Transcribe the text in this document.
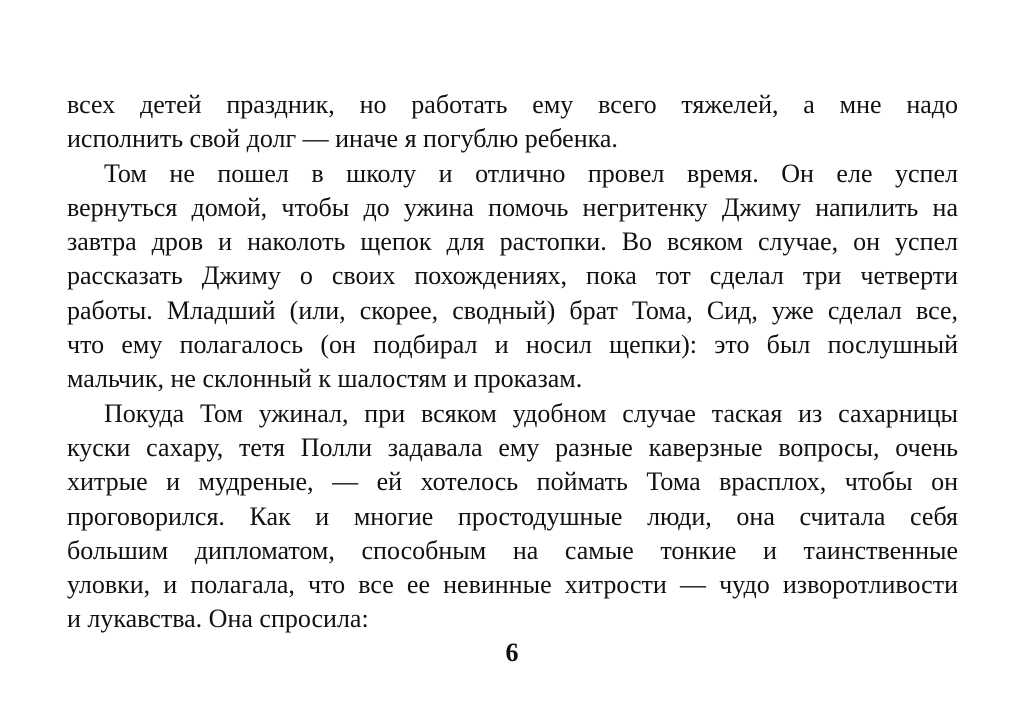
всех детей праздник, но работать ему всего тяжелей, а мне надо
исполнить свой долг — иначе я погублю ребенка.

Том не пошел в школу и отлично провел время. Он еле успел
вернуться домой, чтобы до ужина помочь негритенку Джиму напилить на
завтра дров и наколоть щепок для растопки. Во всяком случае, он успел
рассказать Джиму о своих похождениях, пока тот сделал три четверти
работы. Младший (или, скорее, сводный) брат Тома, Сид, уже сделал все,
что ему полагалось (он подбирал и носил щепки): это был послушный
мальчик, не склонный к шалостям и проказам.

Покуда Том ужинал, при всяком удобном случае таская из сахарницы
куски сахару, тетя Полли задавала ему разные каверзные вопросы, очень
хитрые и мудреные, — ей хотелось поймать Тома врасплох, чтобы он
проговорился. Как и многие простодушные люди, она считала себя
большим дипломатом, способным на самые тонкие и таинственные
уловки, и полагала, что все ее невинные хитрости — чудо изворотливости
и лукавства. Она спросила:

6
